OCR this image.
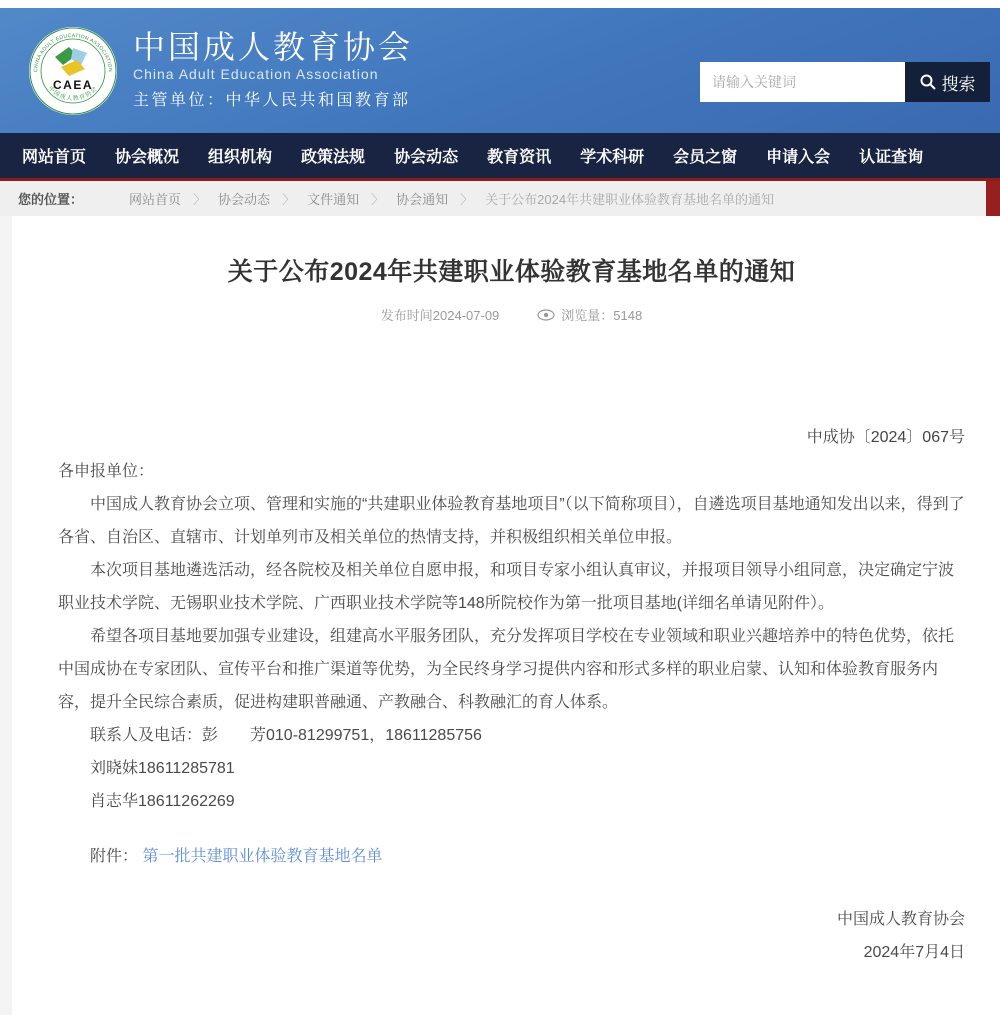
CHINA ADULT EDUCATION ASSOCIATION
中国成人教育协会
CAEA
中国成人教育协会
China Adult Education Association
主管单位：中华人民共和国教育部
请输入关键词
搜索
网站首页 协会概况 组织机构 政策法规 协会动态 教育资讯 学术科研 会员之窗 申请入会 认证查询
您的位置：	网站首页 〉 协会动态 〉 文件通知 〉 协会通知 〉 关于公布2024年共建职业体验教育基地名单的通知
关于公布2024年共建职业体验教育基地名单的通知
发布时间2024-07-09	浏览量：5148
中成协〔2024〕067号

各申报单位：

中国成人教育协会立项、管理和实施的“共建职业体验教育基地项目”（以下简称项目），自遴选项目基地通知发出以来，得到了各省、自治区、直辖市、计划单列市及相关单位的热情支持，并积极组织相关单位申报。

本次项目基地遴选活动，经各院校及相关单位自愿申报，和项目专家小组认真审议，并报项目领导小组同意，决定确定宁波职业技术学院、无锡职业技术学院、广西职业技术学院等148所院校作为第一批项目基地(详细名单请见附件）。

希望各项目基地要加强专业建设，组建高水平服务团队，充分发挥项目学校在专业领域和职业兴趣培养中的特色优势，依托中国成协在专家团队、宣传平台和推广渠道等优势，为全民终身学习提供内容和形式多样的职业启蒙、认知和体验教育服务内容，提升全民综合素质，促进构建职普融通、产教融合、科教融汇的育人体系。

联系人及电话：彭　　芳010-81299751，18611285756

刘晓妹18611285781

肖志华18611262269

附件： 第一批共建职业体验教育基地名单

中国成人教育协会

2024年7月4日
